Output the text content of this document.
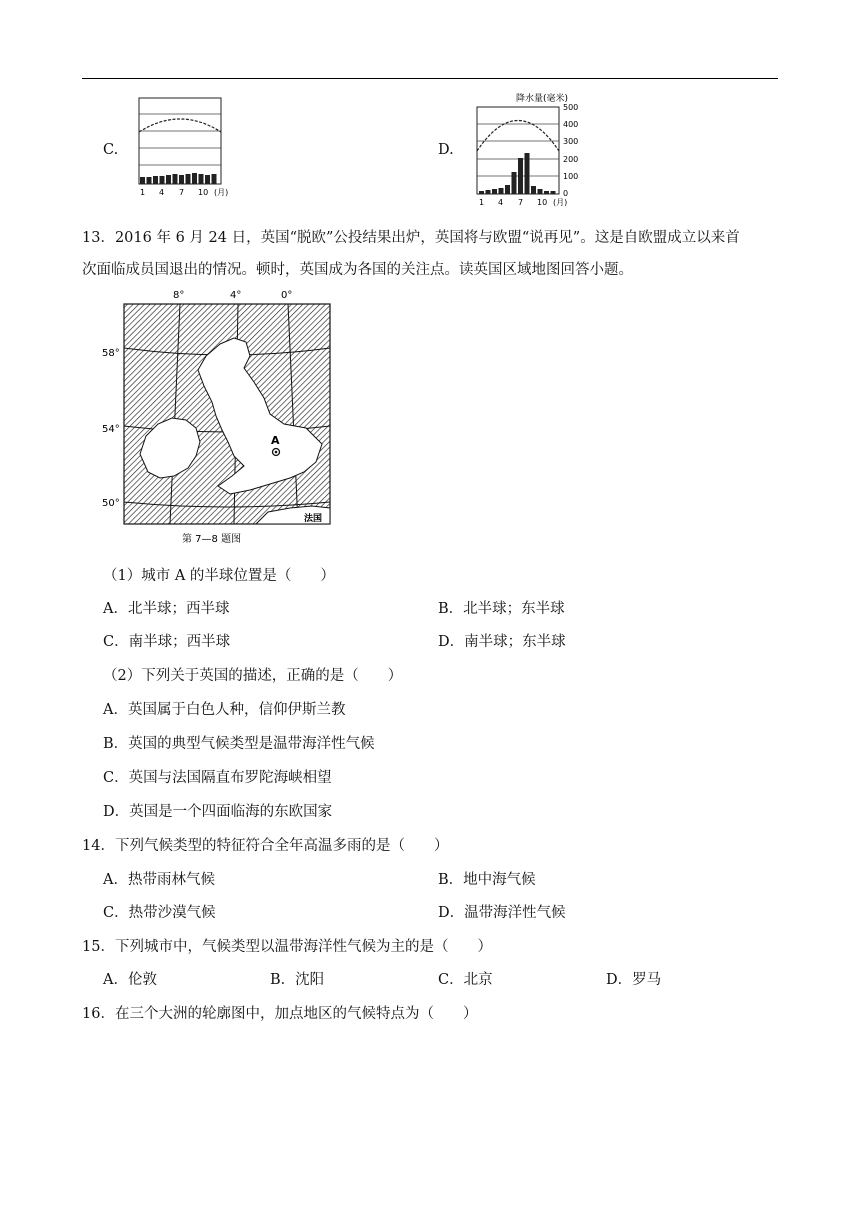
C.
1 4 7 10 (月)
D.
降水量(毫米)
500
400
300
200
100
0
1 4 7 10 (月)
13．2016 年 6 月 24 日，英国“脱欧”公投结果出炉，英国将与欧盟“说再见”。这是自欧盟成立以来首
次面临成员国退出的情况。顿时，英国成为各国的关注点。读英国区域地图回答小题。
8°	4°	0°
58°
54°
50°
A
法国
第 7—8 题图
（1）城市 A 的半球位置是（　　）
A．北半球；西半球	B．北半球；东半球
C．南半球；西半球	D．南半球；东半球
（2）下列关于英国的描述，正确的是（　　）
A．英国属于白色人种，信仰伊斯兰教
B．英国的典型气候类型是温带海洋性气候
C．英国与法国隔直布罗陀海峡相望
D．英国是一个四面临海的东欧国家
14．下列气候类型的特征符合全年高温多雨的是（　　）
A．热带雨林气候	B．地中海气候
C．热带沙漠气候	D．温带海洋性气候
15．下列城市中，气候类型以温带海洋性气候为主的是（　　）
A．伦敦	B．沈阳	C．北京	D．罗马
16．在三个大洲的轮廓图中，加点地区的气候特点为（　　）
